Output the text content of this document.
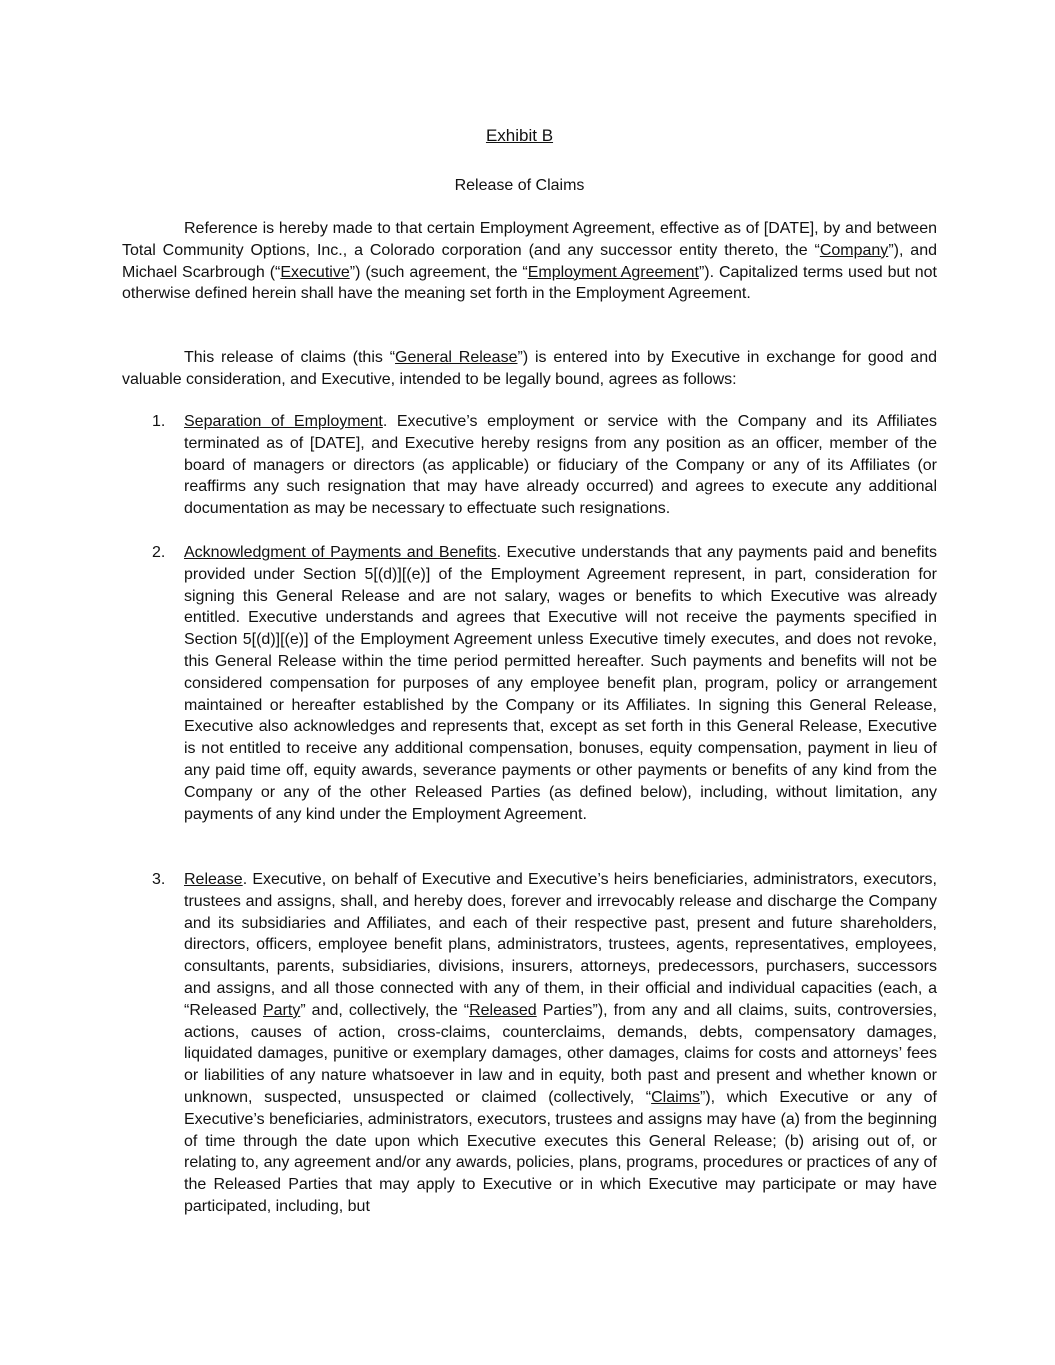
Exhibit B
Release of Claims

Reference is hereby made to that certain Employment Agreement, effective as of [DATE], by and between Total Community Options, Inc., a Colorado corporation (and any successor entity thereto, the “Company”), and Michael Scarbrough (“Executive”) (such agreement, the “Employment Agreement”). Capitalized terms used but not otherwise defined herein shall have the meaning set forth in the Employment Agreement.

This release of claims (this “General Release”) is entered into by Executive in exchange for good and valuable consideration, and Executive, intended to be legally bound, agrees as follows:

1. Separation of Employment. Executive’s employment or service with the Company and its Affiliates terminated as of [DATE], and Executive hereby resigns from any position as an officer, member of the board of managers or directors (as applicable) or fiduciary of the Company or any of its Affiliates (or reaffirms any such resignation that may have already occurred) and agrees to execute any additional documentation as may be necessary to effectuate such resignations.
2. Acknowledgment of Payments and Benefits. Executive understands that any payments paid and benefits provided under Section 5[(d)][(e)] of the Employment Agreement represent, in part, consideration for signing this General Release and are not salary, wages or benefits to which Executive was already entitled. Executive understands and agrees that Executive will not receive the payments specified in Section 5[(d)][(e)] of the Employment Agreement unless Executive timely executes, and does not revoke, this General Release within the time period permitted hereafter. Such payments and benefits will not be considered compensation for purposes of any employee benefit plan, program, policy or arrangement maintained or hereafter established by the Company or its Affiliates. In signing this General Release, Executive also acknowledges and represents that, except as set forth in this General Release, Executive is not entitled to receive any additional compensation, bonuses, equity compensation, payment in lieu of any paid time off, equity awards, severance payments or other payments or benefits of any kind from the Company or any of the other Released Parties (as defined below), including, without limitation, any payments of any kind under the Employment Agreement.
3. Release. Executive, on behalf of Executive and Executive’s heirs beneficiaries, administrators, executors, trustees and assigns, shall, and hereby does, forever and irrevocably release and discharge the Company and its subsidiaries and Affiliates, and each of their respective past, present and future shareholders, directors, officers, employee benefit plans, administrators, trustees, agents, representatives, employees, consultants, parents, subsidiaries, divisions, insurers, attorneys, predecessors, purchasers, successors and assigns, and all those connected with any of them, in their official and individual capacities (each, a “Released Party” and, collectively, the “Released Parties”), from any and all claims, suits, controversies, actions, causes of action, cross-claims, counterclaims, demands, debts, compensatory damages, liquidated damages, punitive or exemplary damages, other damages, claims for costs and attorneys’ fees or liabilities of any nature whatsoever in law and in equity, both past and present and whether known or unknown, suspected, unsuspected or claimed (collectively, “Claims”), which Executive or any of Executive’s beneficiaries, administrators, executors, trustees and assigns may have (a) from the beginning of time through the date upon which Executive executes this General Release; (b) arising out of, or relating to, any agreement and/or any awards, policies, plans, programs, procedures or practices of any of the Released Parties that may apply to Executive or in which Executive may participate or may have participated, including, but
